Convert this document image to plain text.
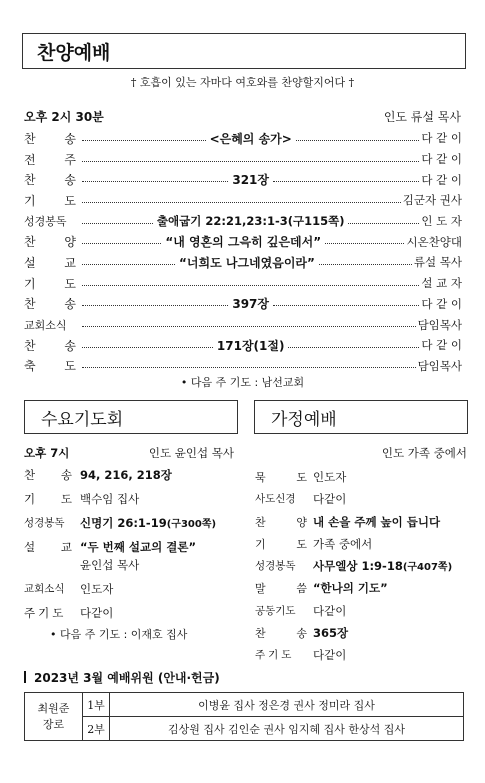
찬양예배
† 호흡이 있는 자마다 여호와를 찬양할지어다 †
오후 2시 30분	인도 류설 목사
찬 송	<은혜의 송가>	다 같 이
전 주	다 같 이
찬 송	321장	다 같 이
기 도	김군자 권사
성경봉독	출애굽기 22:21,23:1-3(구115쪽)	인 도 자
찬 양	“내 영혼의 그윽히 깊은데서”	시온찬양대
설 교	“너희도 나그네였음이라”	류설 목사
기 도	설 교 자
찬 송	397장	다 같 이
교회소식	담임목사
찬 송	171장(1절)	다 같 이
축 도	담임목사
• 다음 주 기도 : 남선교회
수요기도회	가정예배
오후 7시	인도 윤인섭 목사
찬 송 94, 216, 218장
기 도 백수임 집사
성경봉독	신명기 26:1-19(구300쪽)
설 교 “두 번째 설교의 결론”
윤인섭 목사
교회소식	인도자
주기도	다같이
• 다음 주 기도 : 이재호 집사
인도 가족 중에서
묵	도 인도자
사도신경	다같이
찬	양 내 손을 주께 높이 듭니다
기	도 가족 중에서
성경봉독	사무엘상 1:9-18(구407쪽)
말	씀 “한나의 기도”
공동기도	다같이
찬	송 365장
주기도	다같이
2023년 3월 예배위원 (안내·헌금)
최원준
장로	1부	이병윤 집사 정은경 권사 정미라 집사
	2부	김상원 집사 김인순 권사 임지혜 집사 한상석 집사
